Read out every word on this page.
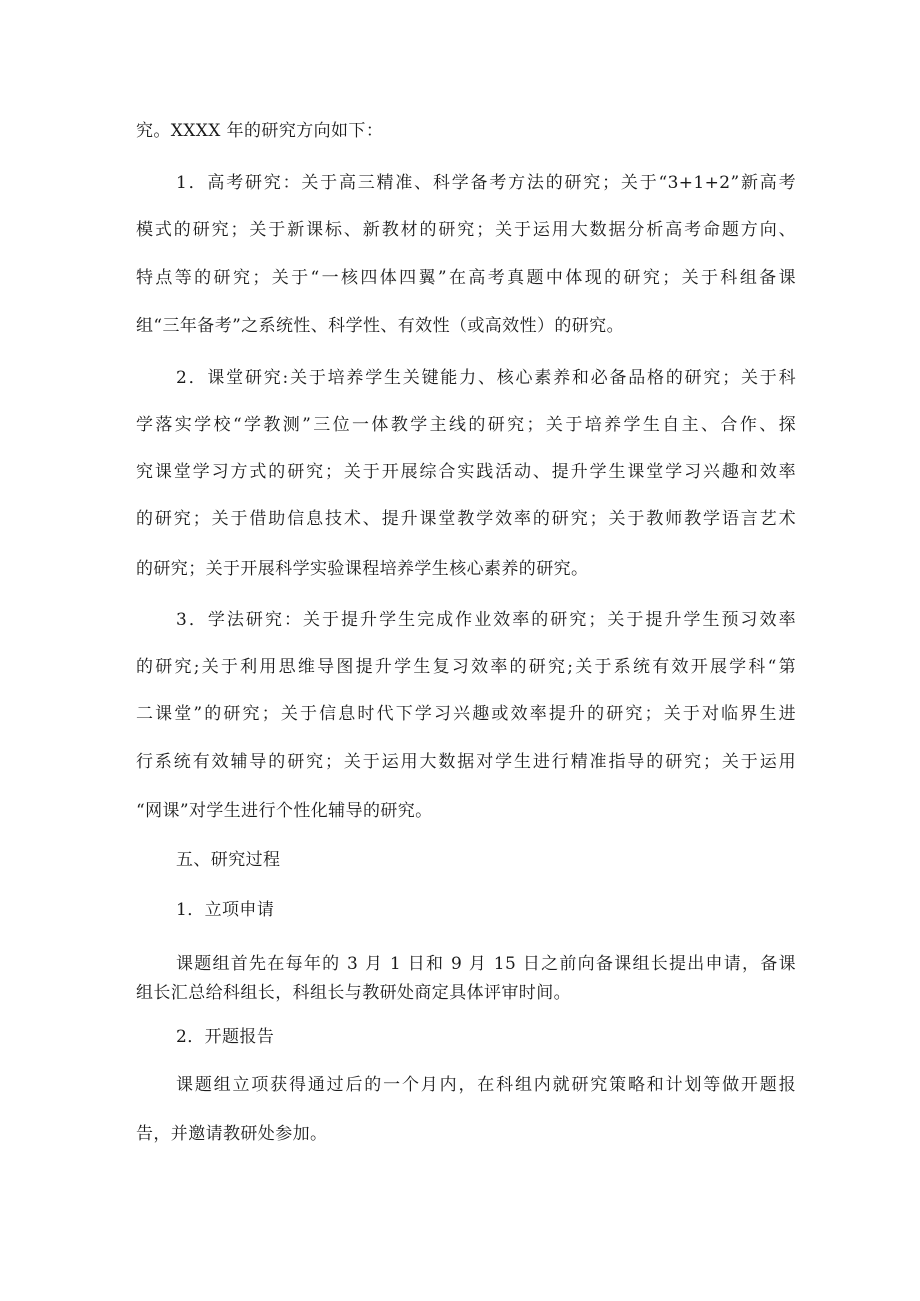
究。XXXX 年的研究方向如下：
1．高考研究：关于高三精准、科学备考方法的研究；关于“3+1+2”新高考
模式的研究；关于新课标、新教材的研究；关于运用大数据分析高考命题方向、
特点等的研究；关于“一核四体四翼”在高考真题中体现的研究；关于科组备课
组“三年备考”之系统性、科学性、有效性（或高效性）的研究。
2．课堂研究:关于培养学生关键能力、核心素养和必备品格的研究；关于科
学落实学校“学教测”三位一体教学主线的研究；关于培养学生自主、合作、探
究课堂学习方式的研究；关于开展综合实践活动、提升学生课堂学习兴趣和效率
的研究；关于借助信息技术、提升课堂教学效率的研究；关于教师教学语言艺术
的研究；关于开展科学实验课程培养学生核心素养的研究。
3．学法研究：关于提升学生完成作业效率的研究；关于提升学生预习效率
的研究;关于利用思维导图提升学生复习效率的研究;关于系统有效开展学科“第
二课堂”的研究；关于信息时代下学习兴趣或效率提升的研究；关于对临界生进
行系统有效辅导的研究；关于运用大数据对学生进行精准指导的研究；关于运用
“网课”对学生进行个性化辅导的研究。
五、研究过程
1．立项申请
课题组首先在每年的 3 月 1 日和 9 月 15 日之前向备课组长提出申请，备课
组长汇总给科组长，科组长与教研处商定具体评审时间。
2．开题报告
课题组立项获得通过后的一个月内，在科组内就研究策略和计划等做开题报
告，并邀请教研处参加。
